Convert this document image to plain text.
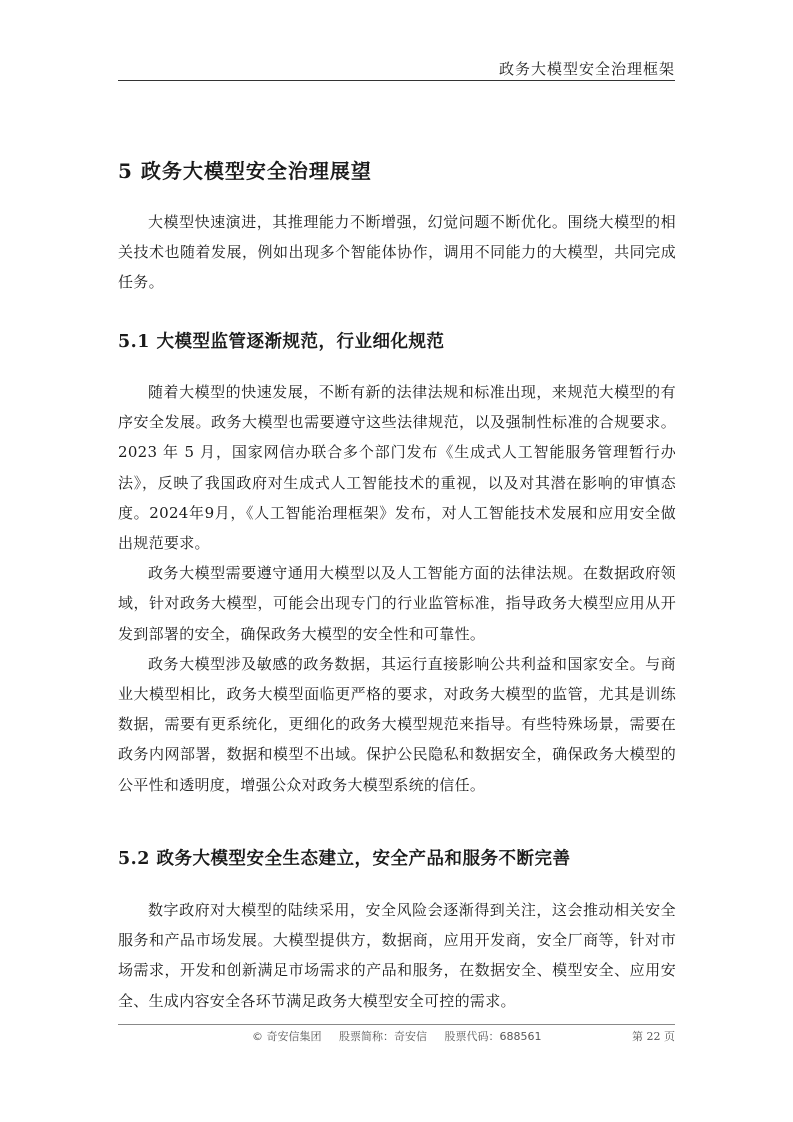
政务大模型安全治理框架
5 政务大模型安全治理展望

大模型快速演进，其推理能力不断增强，幻觉问题不断优化。围绕大模型的相关技术也随着发展，例如出现多个智能体协作，调用不同能力的大模型，共同完成任务。

5.1 大模型监管逐渐规范，行业细化规范

随着大模型的快速发展，不断有新的法律法规和标准出现，来规范大模型的有序安全发展。政务大模型也需要遵守这些法律规范，以及强制性标准的合规要求。2023 年 5 月，国家网信办联合多个部门发布《生成式人工智能服务管理暂行办法》，反映了我国政府对生成式人工智能技术的重视，以及对其潜在影响的审慎态度。2024年9月，《人工智能治理框架》发布，对人工智能技术发展和应用安全做出规范要求。

政务大模型需要遵守通用大模型以及人工智能方面的法律法规。在数据政府领域，针对政务大模型，可能会出现专门的行业监管标准，指导政务大模型应用从开发到部署的安全，确保政务大模型的安全性和可靠性。

政务大模型涉及敏感的政务数据，其运行直接影响公共利益和国家安全。与商业大模型相比，政务大模型面临更严格的要求，对政务大模型的监管，尤其是训练数据，需要有更系统化，更细化的政务大模型规范来指导。有些特殊场景，需要在政务内网部署，数据和模型不出域。保护公民隐私和数据安全，确保政务大模型的公平性和透明度，增强公众对政务大模型系统的信任。

5.2 政务大模型安全生态建立，安全产品和服务不断完善

数字政府对大模型的陆续采用，安全风险会逐渐得到关注，这会推动相关安全服务和产品市场发展。大模型提供方，数据商，应用开发商，安全厂商等，针对市场需求，开发和创新满足市场需求的产品和服务，在数据安全、模型安全、应用安全、生成内容安全各环节满足政务大模型安全可控的需求。

© 奇安信集团 股票简称：奇安信 股票代码：688561	第 22 页
